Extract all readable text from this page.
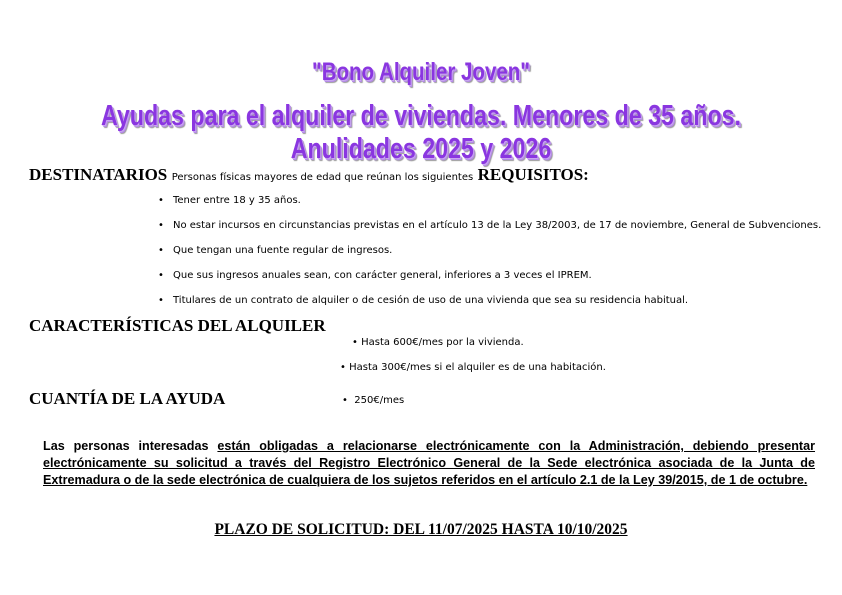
"Bono Alquiler Joven"
Ayudas para el alquiler de viviendas. Menores de 35 años. Anulidades 2025 y 2026
DESTINATARIOS Personas físicas mayores de edad que reúnan los siguientes REQUISITOS:
• Tener entre 18 y 35 años.
• No estar incursos en circunstancias previstas en el artículo 13 de la Ley 38/2003, de 17 de noviembre, General de Subvenciones.
• Que tengan una fuente regular de ingresos.
• Que sus ingresos anuales sean, con carácter general, inferiores a 3 veces el IPREM.
• Titulares de un contrato de alquiler o de cesión de uso de una vivienda que sea su residencia habitual.
CARACTERÍSTICAS DEL ALQUILER
• Hasta 600€/mes por la vivienda.
• Hasta 300€/mes si el alquiler es de una habitación.
CUANTÍA DE LA AYUDA	• 250€/mes
Las personas interesadas están obligadas a relacionarse electrónicamente con la Administración, debiendo presentar electrónicamente su solicitud a través del Registro Electrónico General de la Sede electrónica asociada de la Junta de Extremadura o de la sede electrónica de cualquiera de los sujetos referidos en el artículo 2.1 de la Ley 39/2015, de 1 de octubre.
PLAZO DE SOLICITUD: DEL 11/07/2025 HASTA 10/10/2025
